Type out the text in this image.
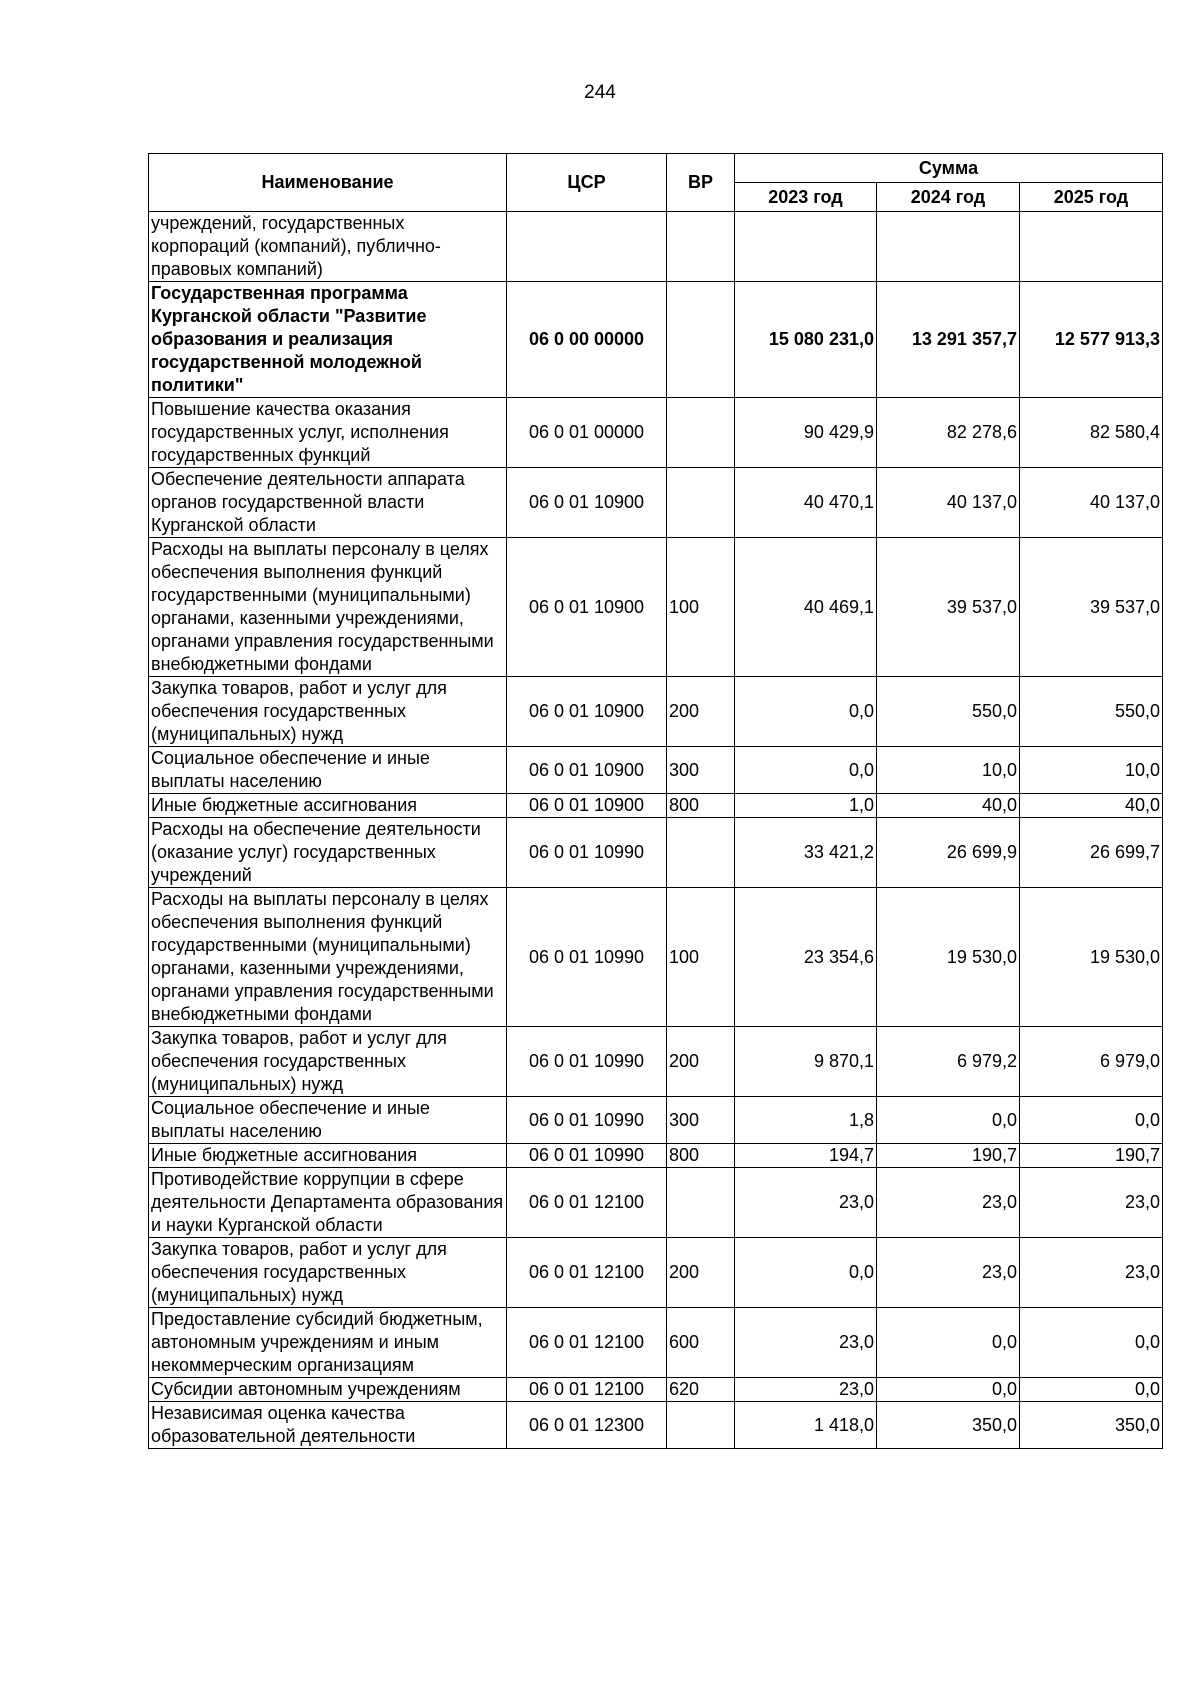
244
Наименование	ЦСР	ВР	Сумма		
			2023 год	2024 год	2025 год
учреждений, государственных корпораций (компаний), публично-правовых компаний)					
Государственная программа Курганской области "Развитие образования и реализация государственной молодежной политики"	06 0 00 00000		15 080 231,0	13 291 357,7	12 577 913,3
Повышение качества оказания государственных услуг, исполнения государственных функций	06 0 01 00000		90 429,9	82 278,6	82 580,4
Обеспечение деятельности аппарата органов государственной власти Курганской области	06 0 01 10900		40 470,1	40 137,0	40 137,0
Расходы на выплаты персоналу в целях обеспечения выполнения функций государственными (муниципальными) органами, казенными учреждениями, органами управления государственными внебюджетными фондами	06 0 01 10900	100	40 469,1	39 537,0	39 537,0
Закупка товаров, работ и услуг для обеспечения государственных (муниципальных) нужд	06 0 01 10900	200	0,0	550,0	550,0
Социальное обеспечение и иные выплаты населению	06 0 01 10900	300	0,0	10,0	10,0
Иные бюджетные ассигнования	06 0 01 10900	800	1,0	40,0	40,0
Расходы на обеспечение деятельности (оказание услуг) государственных учреждений	06 0 01 10990		33 421,2	26 699,9	26 699,7
Расходы на выплаты персоналу в целях обеспечения выполнения функций государственными (муниципальными) органами, казенными учреждениями, органами управления государственными внебюджетными фондами	06 0 01 10990	100	23 354,6	19 530,0	19 530,0
Закупка товаров, работ и услуг для обеспечения государственных (муниципальных) нужд	06 0 01 10990	200	9 870,1	6 979,2	6 979,0
Социальное обеспечение и иные выплаты населению	06 0 01 10990	300	1,8	0,0	0,0
Иные бюджетные ассигнования	06 0 01 10990	800	194,7	190,7	190,7
Противодействие коррупции в сфере деятельности Департамента образования и науки Курганской области	06 0 01 12100		23,0	23,0	23,0
Закупка товаров, работ и услуг для обеспечения государственных (муниципальных) нужд	06 0 01 12100	200	0,0	23,0	23,0
Предоставление субсидий бюджетным, автономным учреждениям и иным некоммерческим организациям	06 0 01 12100	600	23,0	0,0	0,0
Субсидии автономным учреждениям	06 0 01 12100	620	23,0	0,0	0,0
Независимая оценка качества образовательной деятельности	06 0 01 12300		1 418,0	350,0	350,0
